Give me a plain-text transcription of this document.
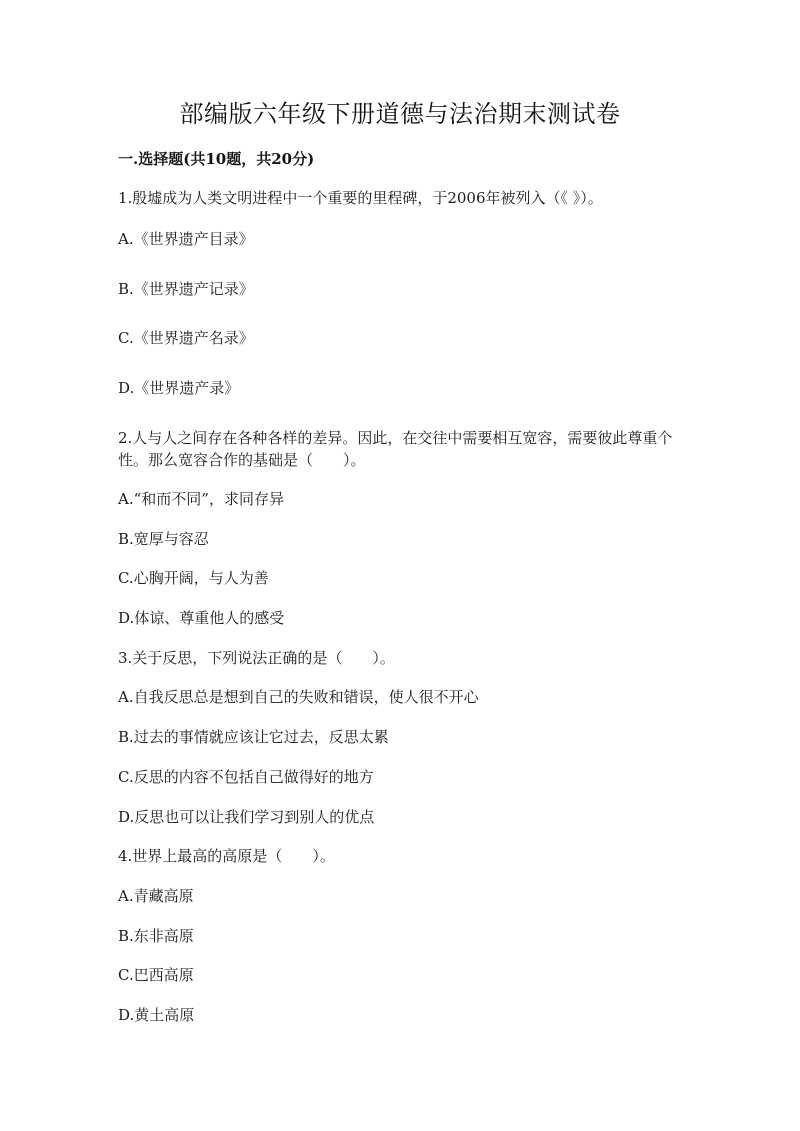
部编版六年级下册道德与法治期末测试卷
一.选择题(共10题，共20分)
1.殷墟成为人类文明进程中一个重要的里程碑，于2006年被列入（《 》）。
A.《世界遗产目录》
B.《世界遗产记录》
C.《世界遗产名录》
D.《世界遗产录》
2.人与人之间存在各种各样的差异。因此，在交往中需要相互宽容，需要彼此尊重个性。那么宽容合作的基础是（　　）。
A.“和而不同”，求同存异
B.宽厚与容忍
C.心胸开阔，与人为善
D.体谅、尊重他人的感受
3.关于反思，下列说法正确的是（　　）。
A.自我反思总是想到自己的失败和错误，使人很不开心
B.过去的事情就应该让它过去，反思太累
C.反思的内容不包括自己做得好的地方
D.反思也可以让我们学习到别人的优点
4.世界上最高的高原是（　　）。
A.青藏高原
B.东非高原
C.巴西高原
D.黄土高原
